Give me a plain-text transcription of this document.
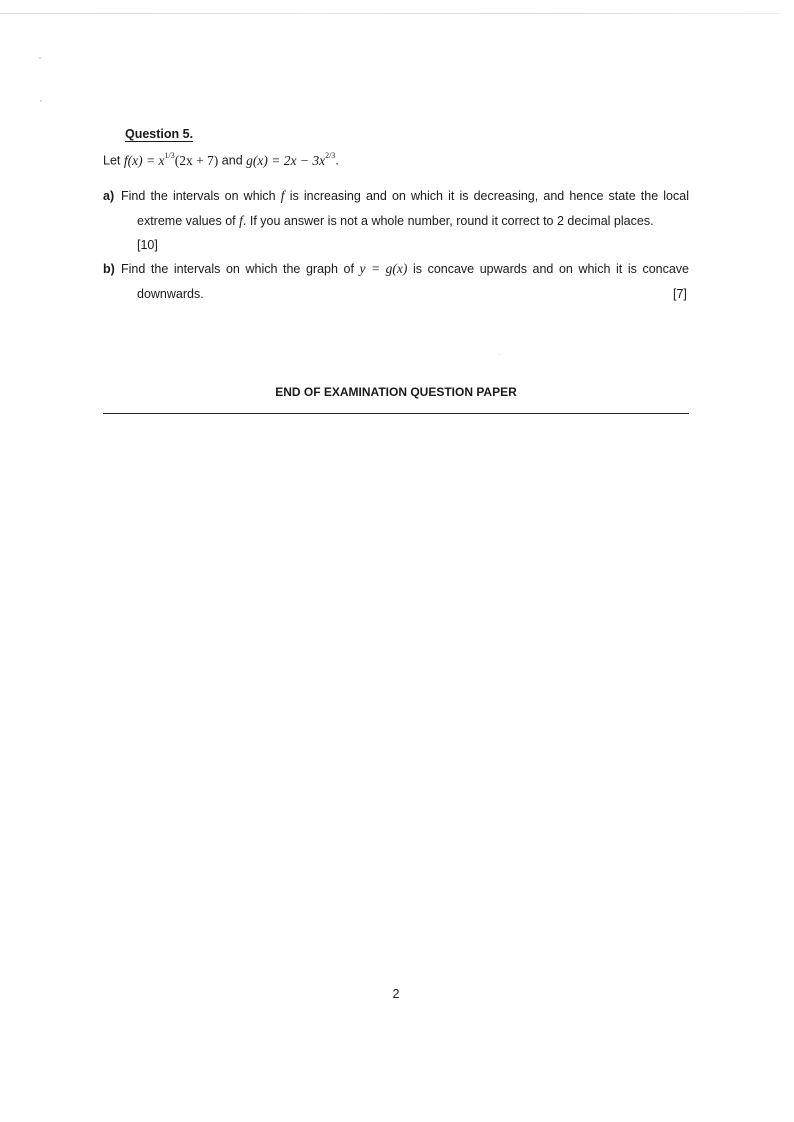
Question 5.
Let $f(x) = x^{1/3}(2x + 7)$ and $g(x) = 2x - 3x^{2/3}$.
a) Find the intervals on which f is increasing and on which it is decreasing, and hence state the local extreme values of f. If you answer is not a whole number, round it correct to 2 decimal places.
[10]
b) Find the intervals on which the graph of y = g(x) is concave upwards and on which it is concave downwards.	[7]
END OF EXAMINATION QUESTION PAPER
2
